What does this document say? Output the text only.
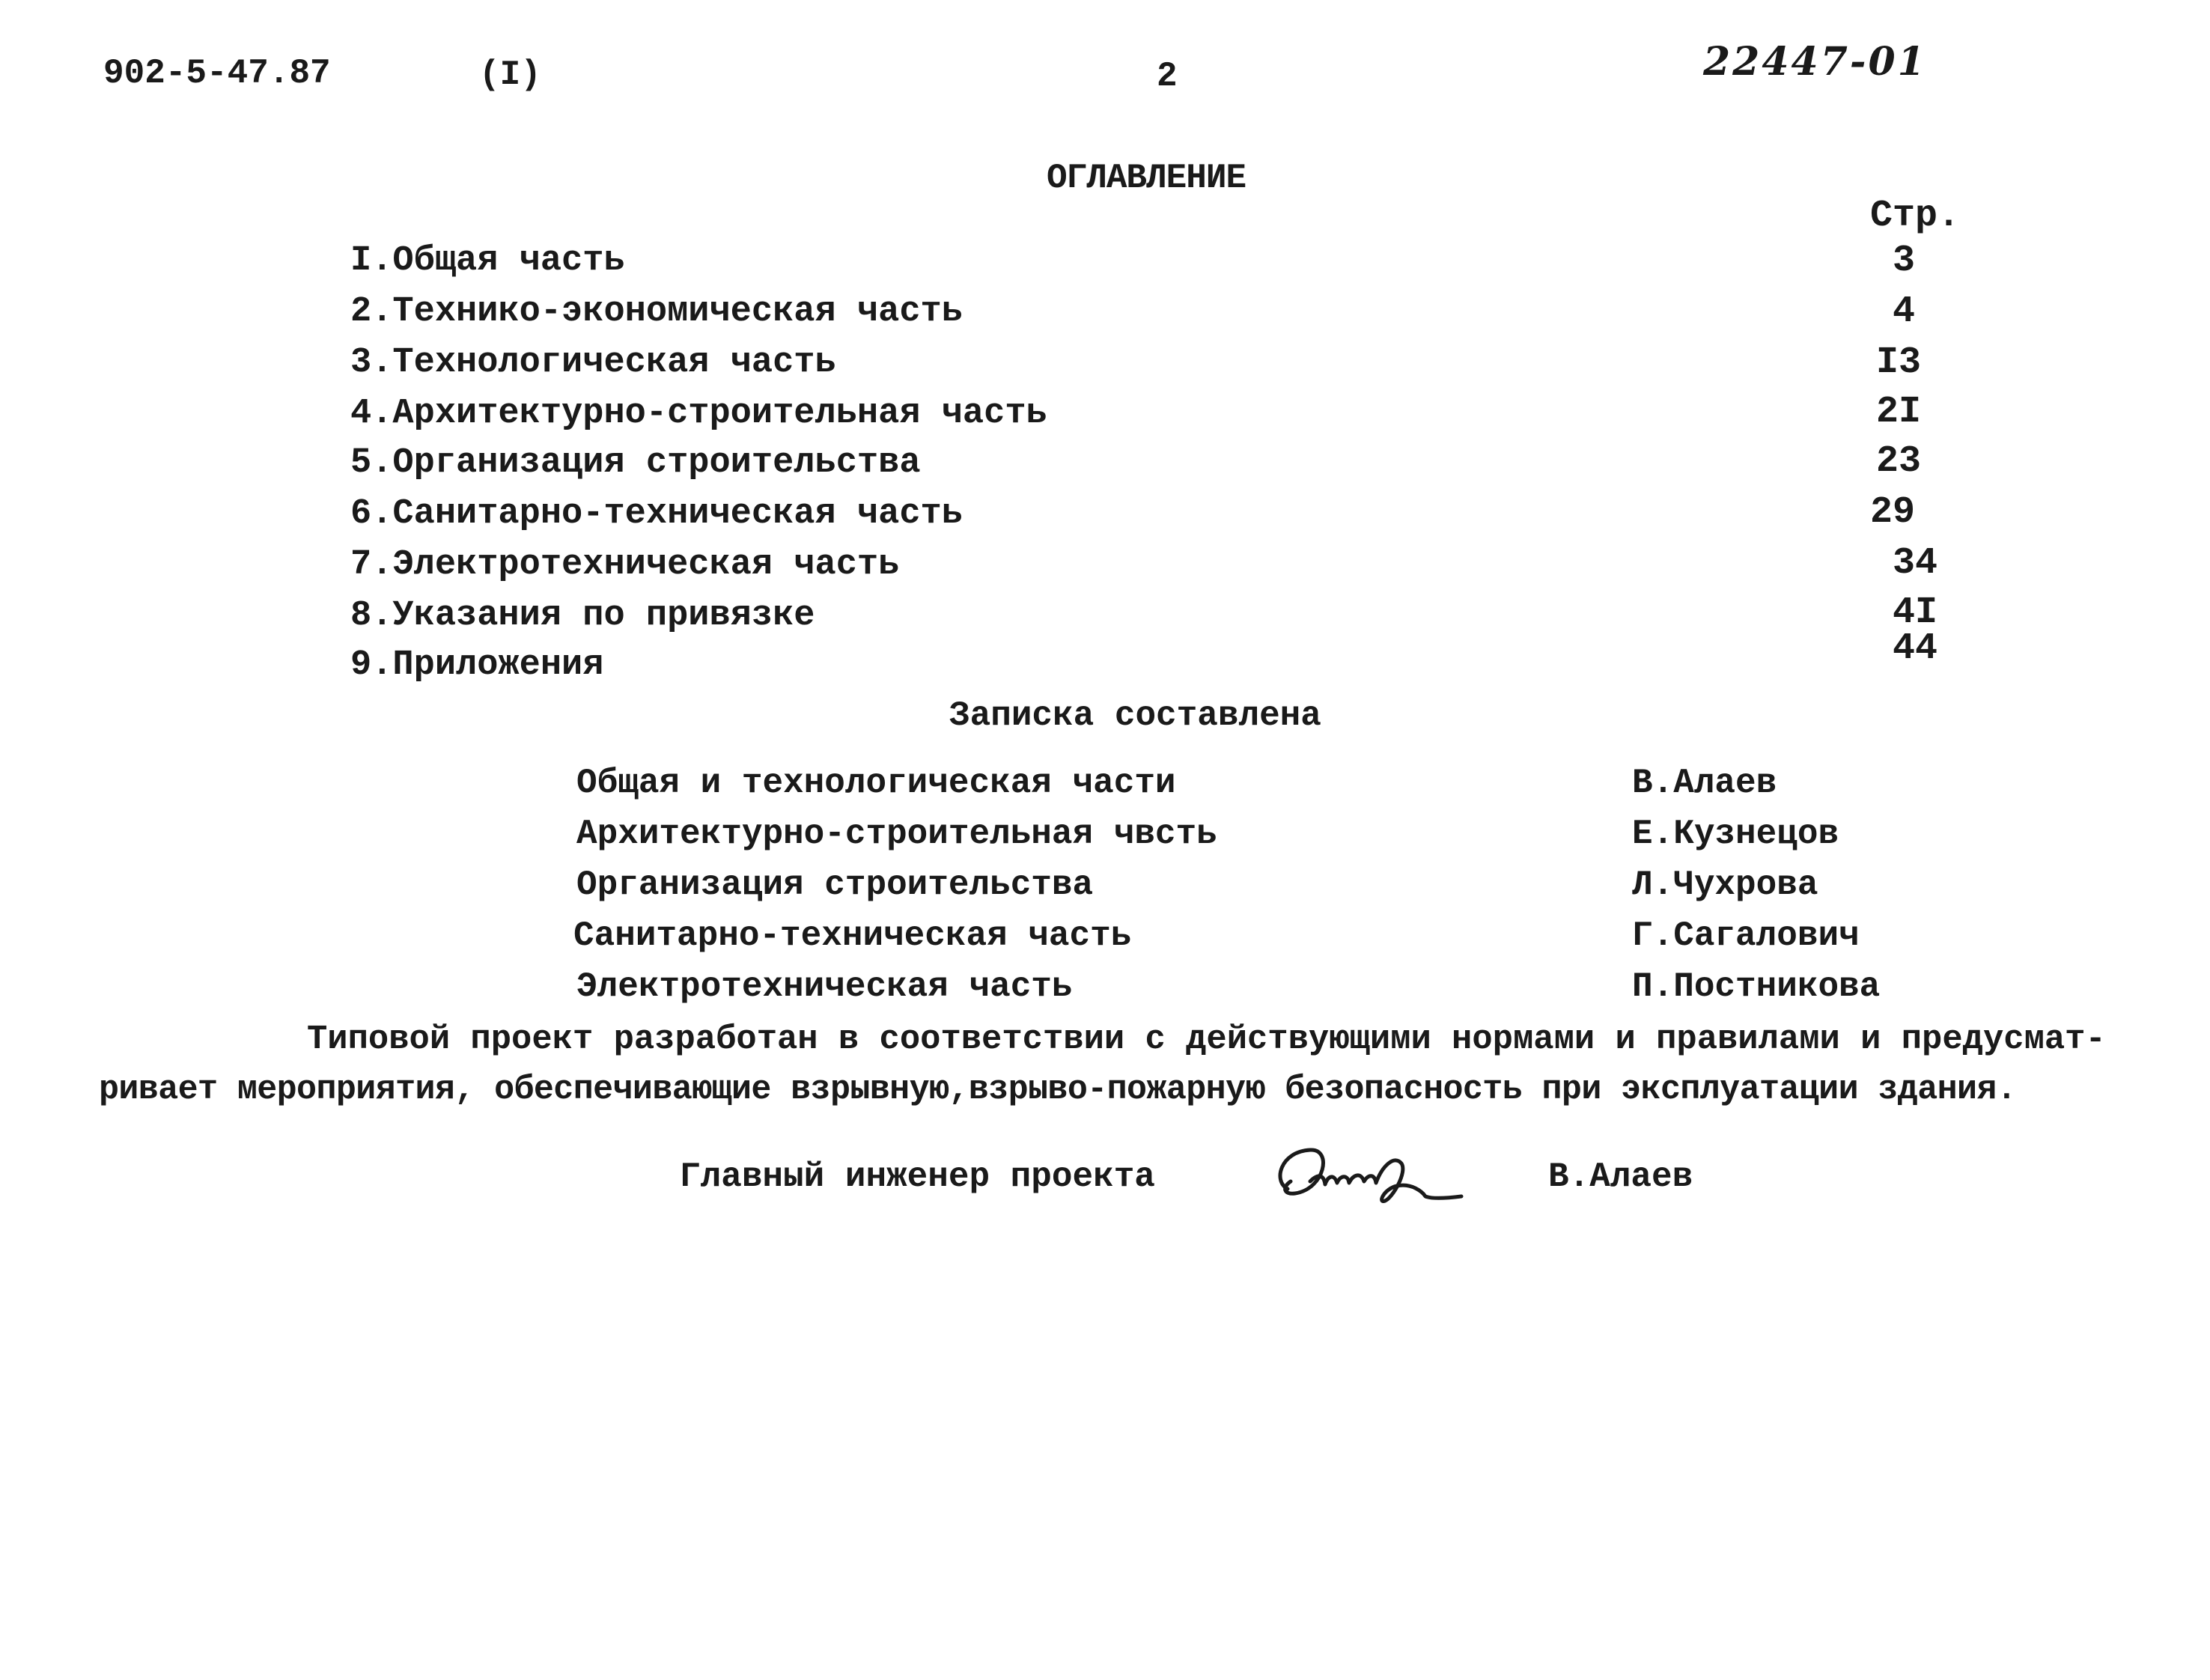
902-5-47.87	(I)	2	22447-01
ОГЛАВЛЕНИЕ
Стр.
I.Общая часть	3
2.Технико-экономическая часть	4
3.Технологическая часть	I3
4.Архитектурно-строительная часть	2I
5.Организация строительства	23
6.Санитарно-техническая часть	29
7.Электротехническая часть	34
8.Указания по привязке	4I
9.Приложения	44
Записка составлена
Общая и технологическая части	В.Алаев
Архитектурно-строительная чвсть	Е.Кузнецов
Организация строительства	Л.Чухрова
Санитарно-техническая часть	Г.Сагалович
Электротехническая часть	П.Постникова
Типовой проект разработан в соответствии с действующими нормами и правилами и предусмат-
ривает мероприятия, обеспечивающие взрывную,взрыво-пожарную безопасность при эксплуатации здания.
Главный инженер проекта	В.Алаев
